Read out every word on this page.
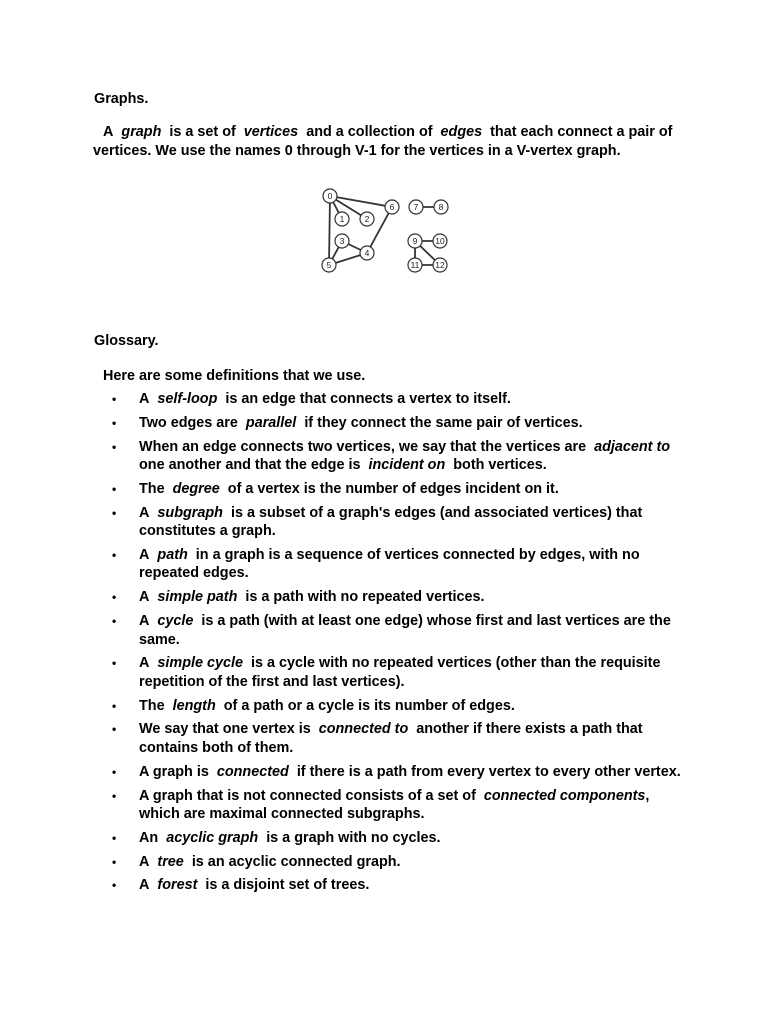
Graphs.

A graph is a set of vertices and a collection of edges that each connect a pair of vertices. We use the names 0 through V-1 for the vertices in a V-vertex graph.

0
1 2
3
4
5
6 7 8
9 10
11 12
Glossary.
Here are some definitions that we use.
• A self-loop is an edge that connects a vertex to itself.
• Two edges are parallel if they connect the same pair of vertices.
• When an edge connects two vertices, we say that the vertices are adjacent to  one another and that the edge is incident on both vertices.
• The degree of a vertex is the number of edges incident on it.
• A subgraph is a subset of a graph's edges (and associated vertices) that constitutes a graph.
• A path in a graph is a sequence of vertices connected by edges, with no repeated edges.
• A simple path is a path with no repeated vertices.
• A cycle is a path (with at least one edge) whose first and last vertices are the same.
• A simple cycle is a cycle with no repeated vertices (other than the requisite repetition of the first and last vertices).
• The length of a path or a cycle is its number of edges.
• We say that one vertex is connected to another if there exists a path that contains both of them.
• A graph is connected if there is a path from every vertex to every other vertex.
• A graph that is not connected consists of a set of connected components, which are maximal connected subgraphs.
• An acyclic graph is a graph with no cycles.
• A tree is an acyclic connected graph.
• A forest is a disjoint set of trees.
